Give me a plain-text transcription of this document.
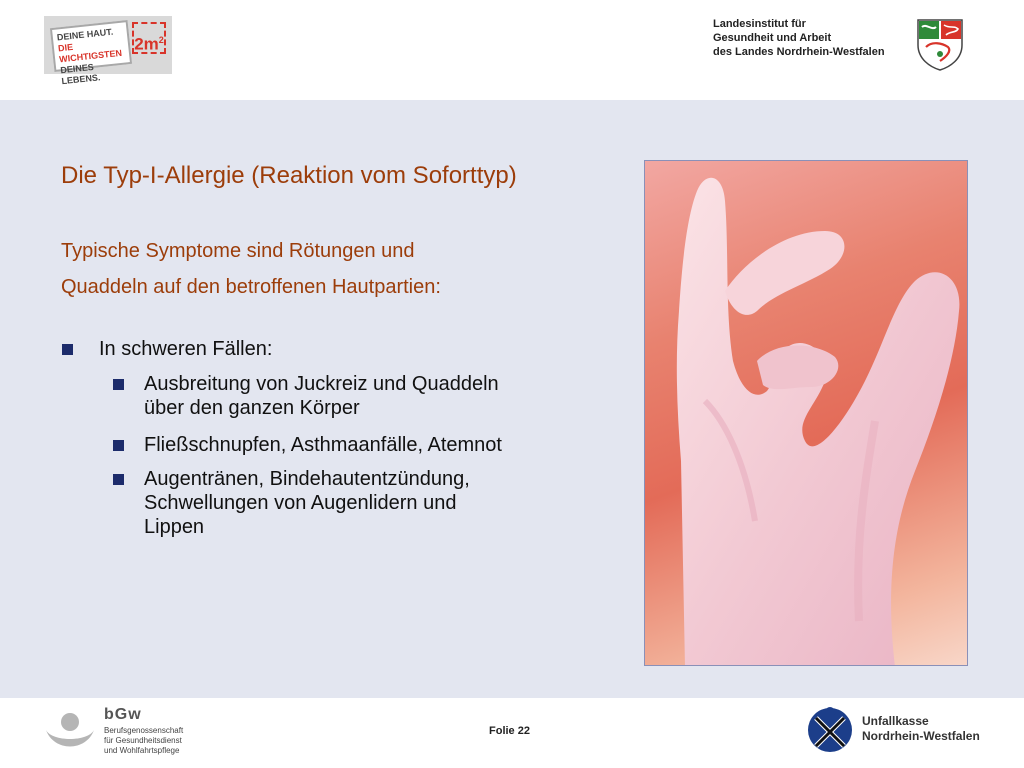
DEINE HAUT.
DIE WICHTIGSTEN
DEINES LEBENS.
$2m^2$
Landesinstitut für
Gesundheit und Arbeit
des Landes Nordrhein-Westfalen
Die Typ-I-Allergie (Reaktion vom Soforttyp)
Typische Symptome sind Rötungen und
Quaddeln auf den betroffenen Hautpartien:
In schweren Fällen:
Ausbreitung von Juckreiz und Quaddeln
über den ganzen Körper
Fließschnupfen, Asthmaanfälle, Atemnot
Augentränen, Bindehautentzündung,
Schwellungen von Augenlidern und
Lippen
bGw
Berufsgenossenschaft
für Gesundheitsdienst
und Wohlfahrtspflege
Folie 22
Unfallkasse
Nordrhein-Westfalen
